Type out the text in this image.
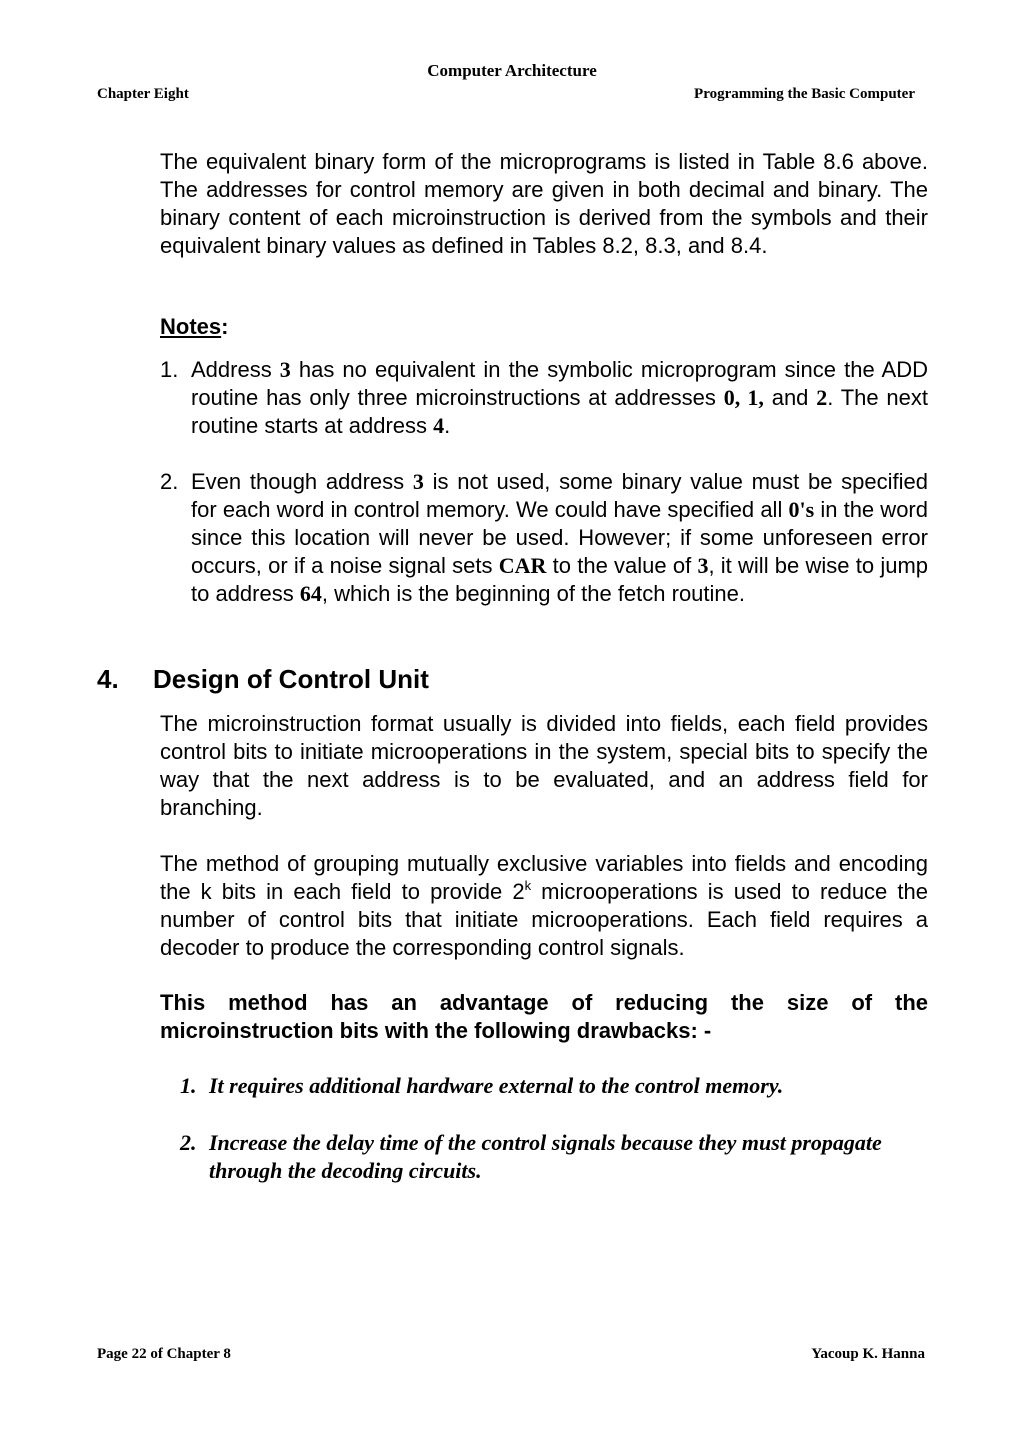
Computer Architecture
Chapter Eight	Programming the Basic Computer

The equivalent binary form of the microprograms is listed in Table 8.6 above. The addresses for control memory are given in both decimal and binary. The binary content of each microinstruction is derived from the symbols and their equivalent binary values as defined in Tables 8.2, 8.3, and 8.4.

Notes:
1. Address 3 has no equivalent in the symbolic microprogram since the ADD routine has only three microinstructions at addresses 0, 1, and 2. The next routine starts at address 4.
2. Even though address 3 is not used, some binary value must be specified for each word in control memory. We could have specified all 0's in the word since this location will never be used. However; if some unforeseen error occurs, or if a noise signal sets CAR to the value of 3, it will be wise to jump to address 64, which is the beginning of the fetch routine.
4. Design of Control Unit

The microinstruction format usually is divided into fields, each field provides control bits to initiate microoperations in the system, special bits to specify the way that the next address is to be evaluated, and an address field for branching.

The method of grouping mutually exclusive variables into fields and encoding the k bits in each field to provide 2$^k$ microoperations is used to reduce the number of control bits that initiate microoperations. Each field requires a decoder to produce the corresponding control signals.

This method has an advantage of reducing the size of the microinstruction bits with the following drawbacks: -

1. It requires additional hardware external to the control memory.
2. Increase the delay time of the control signals because they must propagate through the decoding circuits.
Page 22 of Chapter 8	Yacoup K. Hanna
